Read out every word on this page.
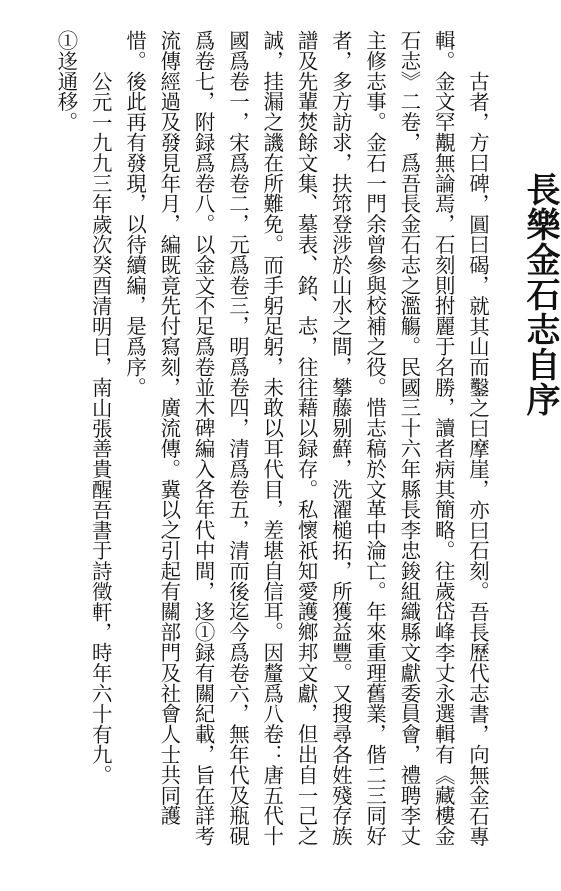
長樂金石志自序

古者，方曰碑，圓曰碣，就其山而鑿之曰摩崖，亦曰石刻。吾長歷代志書，向無金石專輯。金文罕覯無論焉，石刻則拊麗于名勝，讀者病其簡略。往歲岱峰李丈永選輯有《藏樓金石志》二卷，爲吾長金石志之濫觴。民國三十六年縣長李忠鋑組織縣文獻委員會，禮聘李丈主修志事。金石一門余曾參與校補之役。惜志稿於文革中淪亡。年來重理舊業，偕二三同好者，多方訪求，扶筇登涉於山水之間，攀藤剔蘚，洗濯槌拓，所獲益豐。又搜尋各姓殘存族譜及先輩焚餘文集、墓表、銘、志，往往藉以録存。私懷祇知愛護鄉邦文獻，但出自一己之誠，挂漏之譏在所難免。而手躬足躬，未敢以耳代目，差堪自信耳。因釐爲八卷：唐五代十國爲卷一，宋爲卷二，元爲卷三，明爲卷四，清爲卷五，清而後迄今爲卷六，無年代及瓶硯爲卷七，附録爲卷八。以金文不足爲卷並木碑編入各年代中間，迻①録有關紀載，旨在詳考流傳經過及發見年月，編既竟先付寫刻，廣流傳。冀以之引起有關部門及社會人士共同護惜。後此再有發現，以待續編，是爲序。

公元一九九三年歲次癸酉清明日，南山張善貴醒吾書于詩徵軒，時年六十有九。

①迻通移。
